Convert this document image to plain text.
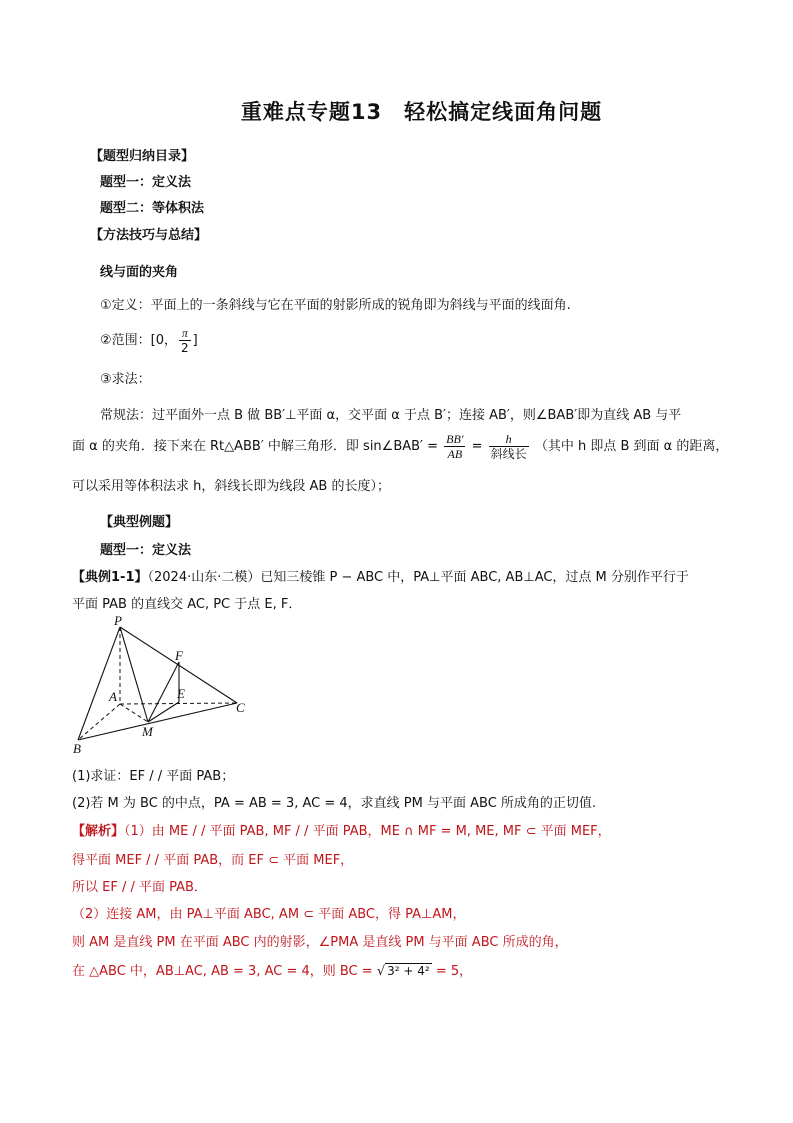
重难点专题13　轻松搞定线面角问题
【题型归纳目录】
题型一：定义法
题型二：等体积法
【方法技巧与总结】
线与面的夹角
①定义：平面上的一条斜线与它在平面的射影所成的锐角即为斜线与平面的线面角.
②范围：[0， $\frac{\pi}{2}$ ]
③求法：
常规法：过平面外一点 B 做 BB′⊥平面 α，交平面 α 于点 B′；连接 AB′，则∠BAB′即为直线 AB 与平
面 α 的夹角．接下来在 Rt△ABB′ 中解三角形．即 sin∠BAB′ = $\frac{BB'}{AB} = \frac{h}{\text{斜线长}}$ （其中 h 即点 B 到面 α 的距离，
可以采用等体积法求 h，斜线长即为线段 AB 的长度）；
【典型例题】
题型一：定义法
【典例1-1】（2024·山东·二模）已知三棱锥 P − ABC 中，PA⊥平面 ABC, AB⊥AC，过点 M 分别作平行于
平面 PAB 的直线交 AC, PC 于点 E, F．
P
F
A	E
C
M
B
(1)求证：EF / / 平面 PAB；
(2)若 M 为 BC 的中点，PA = AB = 3, AC = 4，求直线 PM 与平面 ABC 所成角的正切值.
【解析】（1）由 ME / / 平面 PAB, MF / / 平面 PAB，ME ∩ MF = M, ME, MF ⊂ 平面 MEF，
得平面 MEF / / 平面 PAB，而 EF ⊂ 平面 MEF，
所以 EF / / 平面 PAB．
（2）连接 AM，由 PA⊥平面 ABC, AM ⊂ 平面 ABC，得 PA⊥AM，
则 AM 是直线 PM 在平面 ABC 内的射影，∠PMA 是直线 PM 与平面 ABC 所成的角，
在 △ABC 中，AB⊥AC, AB = 3, AC = 4，则 BC = √ 3² + 4² = 5，
